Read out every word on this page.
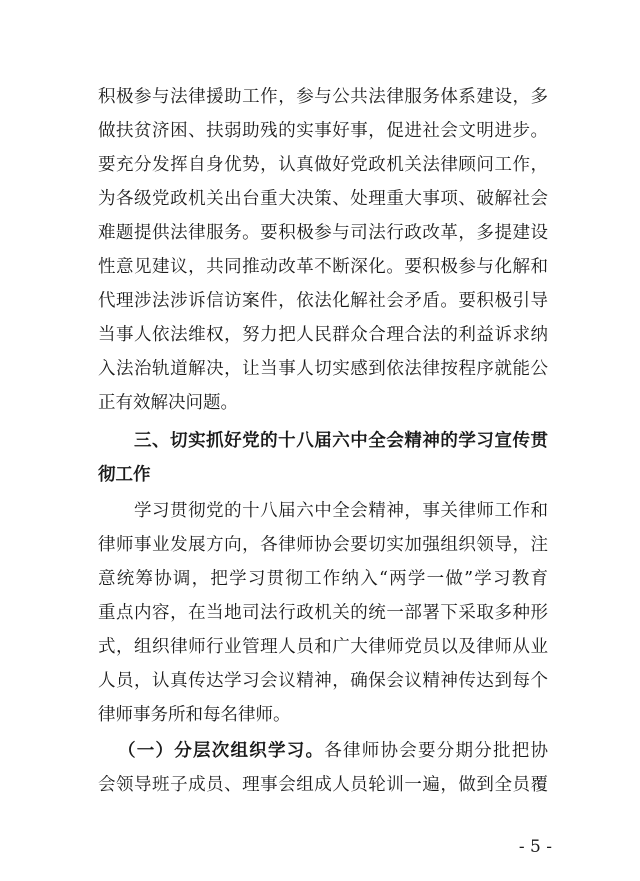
积极参与法律援助工作，参与公共法律服务体系建设，多
做扶贫济困、扶弱助残的实事好事，促进社会文明进步。
要充分发挥自身优势，认真做好党政机关法律顾问工作，
为各级党政机关出台重大决策、处理重大事项、破解社会
难题提供法律服务。要积极参与司法行政改革，多提建设
性意见建议，共同推动改革不断深化。要积极参与化解和
代理涉法涉诉信访案件，依法化解社会矛盾。要积极引导
当事人依法维权，努力把人民群众合理合法的利益诉求纳
入法治轨道解决，让当事人切实感到依法律按程序就能公
正有效解决问题。
三、切实抓好党的十八届六中全会精神的学习宣传贯
彻工作
学习贯彻党的十八届六中全会精神，事关律师工作和
律师事业发展方向，各律师协会要切实加强组织领导，注
意统筹协调，把学习贯彻工作纳入“两学一做”学习教育
重点内容，在当地司法行政机关的统一部署下采取多种形
式，组织律师行业管理人员和广大律师党员以及律师从业
人员，认真传达学习会议精神，确保会议精神传达到每个
律师事务所和每名律师。
（一）分层次组织学习。各律师协会要分期分批把协
会领导班子成员、理事会组成人员轮训一遍，做到全员覆
- 5 -
